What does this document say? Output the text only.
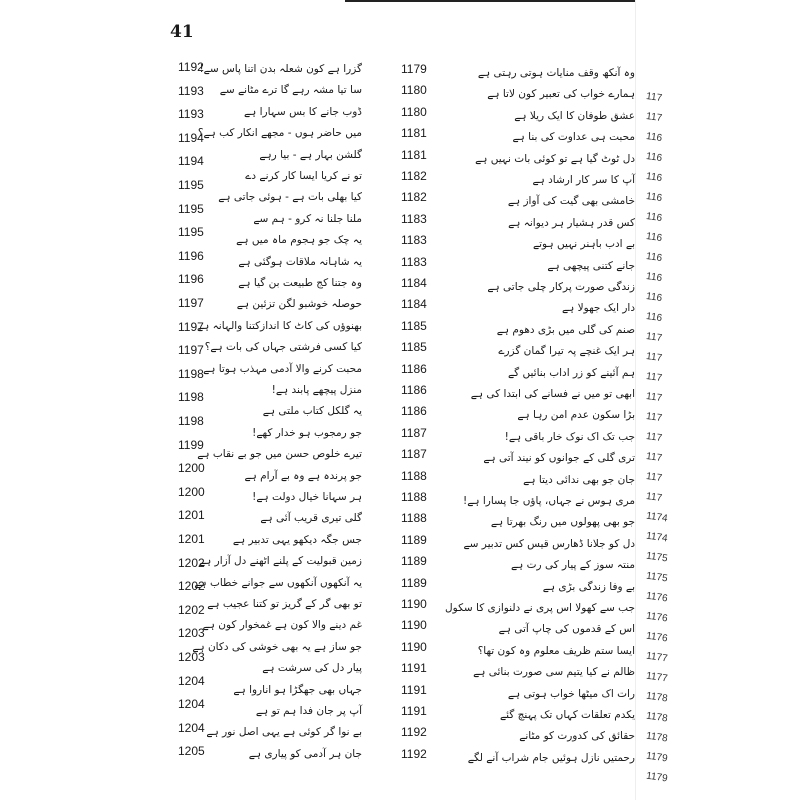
41
1192
1193
1193
1194
1194
1195
1195
1195
1196
1196
1197
1197
1197
1198
1198
1198
1199
1200
1200
1201
1201
1202
1202
1202
1203
1203
1204
1204
1204
1205
1179
گزرا ہے کون شعلہ بدن اتنا پاس سے!
1180
سا تیا مشہ رہے گا ترے مٹانے سے
1180
ڈوب جانے کا بس سہارا ہے
1181
میں حاضر ہوں - مجھے انکار کب ہے؟
1181
گلشن بہار ہے - بیا رہے
1182
تو نے کریا ایسا کار کرنے دے
1182
کیا بھلی بات ہے - ہوئی جاتی ہے
1183
ملنا جلنا نہ کرو - ہم سے
1183
یہ چک جو ہجوم ماہ میں ہے
1183
یہ شاہانہ ملاقات ہوگئی ہے
1184
وہ جتنا کج طبیعت بن گیا ہے
1184
حوصلہ خوشبو لگن تزئین ہے
1185
بھنوؤں کی کاٹ کا اندازکتنا والہانہ ہے
1185
کیا کسی فرشتی جہاں کی بات ہے؟
1186
محبت کرنے والا آدمی مہذب ہوتا ہے
1186
منزل پیچھے پابند ہے!
1186
یہ گلکل کتاب ملتی ہے
1187
جو رمجوب ہو خدار کھے!
1187
تیرے خلوص حسن میں جو بے نقاب ہے
1188
جو پرندہ ہے وہ بے آرام ہے
1188
ہر سہانا خیال دولت ہے!
1188
گلی تیری قریب آئی ہے
1189
جس جگہ دیکھو یہی تدبیر ہے
1189
زمین قبولیت کے پلنے اٹھنے دل آزار ہے
1189
یہ آنکھوں آنکھوں سے جوانے خطاب ہے
1190
تو بھی گر کے گریز تو کتنا عجیب ہے
1190
غم دینے والا کون ہے غمخوار کون ہے
1190
جو ساز ہے یہ بھی خوشی کی دکان ہے
1191
پیار دل کی سرشت ہے
1191
جہاں بھی جھگڑا ہو اناروا ہے
1191
آپ پر جان فدا ہم تو ہے
1192
بے نوا گر کوئی ہے یہی اصل نور ہے
1192
جان ہر آدمی کو پیاری ہے
وہ آنکھ وقف منایات ہوتی رہتی ہے
ہمارے خواب کی تعبیر کون لاتا ہے
عشق طوفان کا ایک ریلا ہے
محبت ہی عداوت کی بنا ہے
دل ٹوٹ گیا ہے تو کوئی بات نہیں ہے
آپ کا سر کار ارشاد ہے
خامشی بھی گیت کی آواز ہے
کس قدر ہشیار ہر دیوانہ ہے
بے ادب باہنر نہیں ہوتے
جانے کتنی پیچھی ہے
زندگی صورت پرکار چلی جاتی ہے
دار ایک جھولا ہے
صنم کی گلی میں بڑی دھوم ہے
ہر ایک غنچے پہ تیرا گمان گزرے
ہم آئینے کو زر اداب بنائیں گے
ابھی تو میں نے فسانے کی ابتدا کی ہے
بڑا سکون عدم امن رہا ہے
جب تک اک نوک خار باقی ہے!
تری گلی کے جوانوں کو نیند آتی ہے
جان جو بھی ندائی دیتا ہے
مری ہوس نے جہاں، پاؤں جا پسارا ہے!
جو بھی پھولوں میں رنگ بھرتا ہے
دل کو جلانا ڈھارس قیس کس تدبیر سے
منتہ سوز کے پیار کی رت ہے
بے وفا زندگی بڑی ہے
جب سے کھولا اس پری نے دلنوازی کا سکول
اس کے قدموں کی چاپ آتی ہے
ایسا ستم ظریف معلوم وہ کون تھا؟
ظالم نے کیا یتیم سی صورت بنائی ہے
رات اک میٹھا خواب ہوتی ہے
یکدم تعلقات کہاں تک پہنچ گئے
حقائق کی کدورت کو مٹانے
رحمتیں نازل ہوئیں جام شراب آنے لگے
117
117
116
116
116
116
116
116
116
116
116
116
117
117
117
117
117
117
117
117
117
1174
1174
1175
1175
1176
1176
1176
1177
1177
1178
1178
1178
1179
1179
